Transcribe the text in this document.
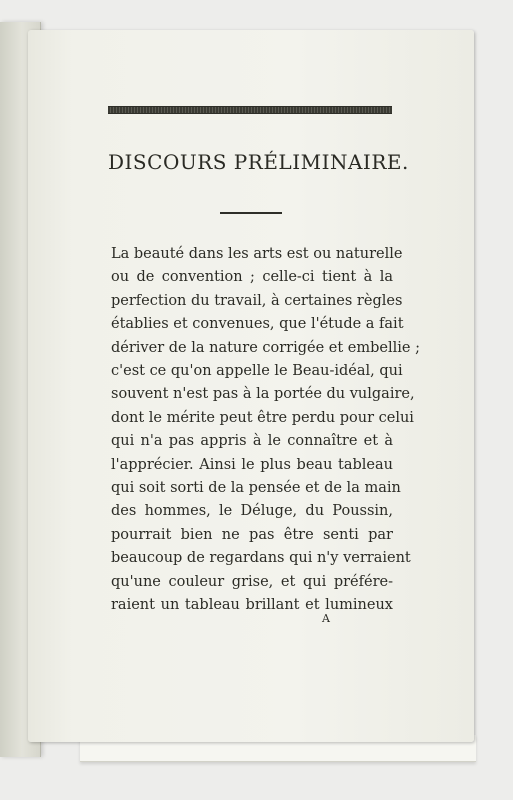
DISCOURS PRÉLIMINAIRE.
La beauté dans les arts est ou naturelle
ou de convention ; celle-ci tient à la
perfection du travail, à certaines règles
établies et convenues, que l'étude a fait
dériver de la nature corrigée et embellie ;
c'est ce qu'on appelle le Beau-idéal, qui
souvent n'est pas à la portée du vulgaire,
dont le mérite peut être perdu pour celui
qui n'a pas appris à le connaître et à
l'apprécier. Ainsi le plus beau tableau
qui soit sorti de la pensée et de la main
des hommes, le Déluge, du Poussin,
pourrait bien ne pas être senti par
beaucoup de regardans qui n'y verraient
qu'une couleur grise, et qui préfére-
raient un tableau brillant et lumineux
A
